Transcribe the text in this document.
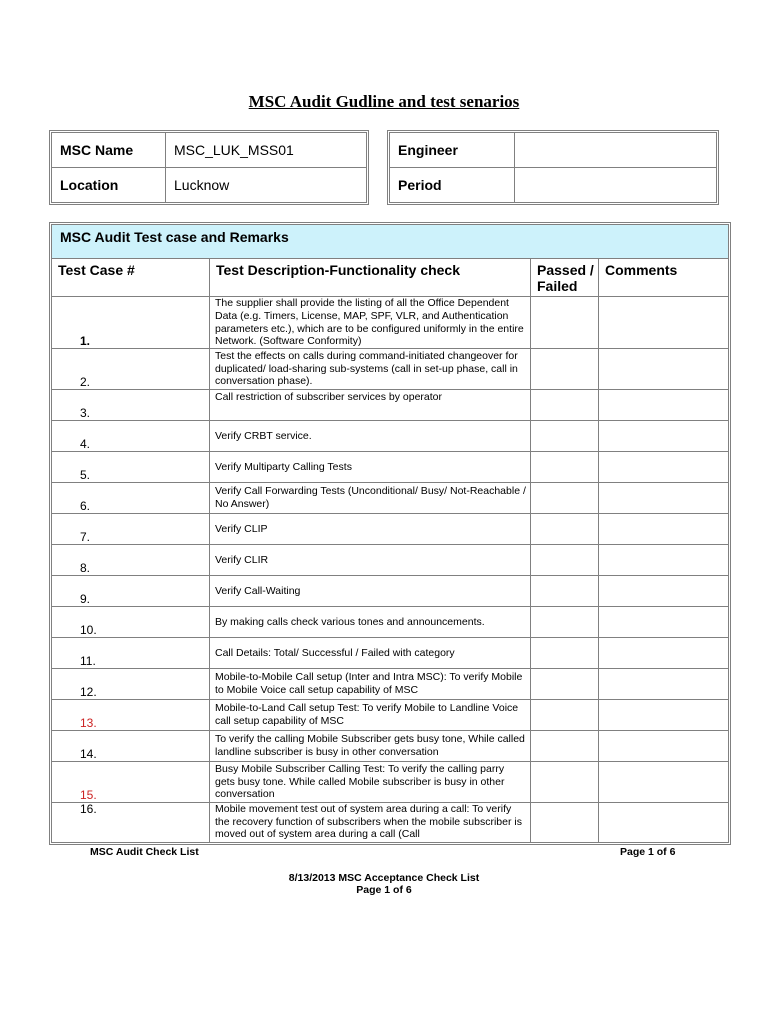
MSC Audit Gudline and test senarios
MSC Name	MSC_LUK_MSS01
Location	Lucknow
Engineer	
Period	
MSC Audit Test case and Remarks			
Test Case #	Test Description-Functionality check	Passed / Failed	Comments
1.	The supplier shall provide the listing of all the Office Dependent Data (e.g. Timers, License, MAP, SPF, VLR, and Authentication parameters etc.), which are to be configured uniformly in the entire Network. (Software Conformity)		
2.	Test the effects on calls during command-initiated changeover for duplicated/ load-sharing sub-systems (call in set-up phase, call in conversation phase).		
3.	Call restriction of subscriber services by operator		
4.	Verify CRBT service.		
5.	Verify Multiparty Calling Tests		
6.	Verify Call Forwarding Tests (Unconditional/ Busy/ Not-Reachable / No Answer)		
7.	Verify CLIP		
8.	Verify CLIR		
9.	Verify Call-Waiting		
10.	By making calls check various tones and announcements.		
11.	Call Details: Total/ Successful / Failed with category		
12.	Mobile-to-Mobile Call setup (Inter and Intra MSC): To verify Mobile to Mobile Voice call setup capability of MSC		
13.	Mobile-to-Land Call setup Test: To verify Mobile to Landline Voice call setup capability of MSC		
14.	To verify the calling Mobile Subscriber gets busy tone, While called landline subscriber is busy in other conversation		
15.	Busy Mobile Subscriber Calling Test: To verify the calling parry gets busy tone. While called Mobile subscriber is busy in other conversation		
16.	Mobile movement test out of system area during a call: To verify the recovery function of subscribers when the mobile subscriber is moved out of system area during a call (Call		

MSC Audit Check List	Page 1 of 6
8/13/2013 MSC Acceptance Check List
Page 1 of 6
